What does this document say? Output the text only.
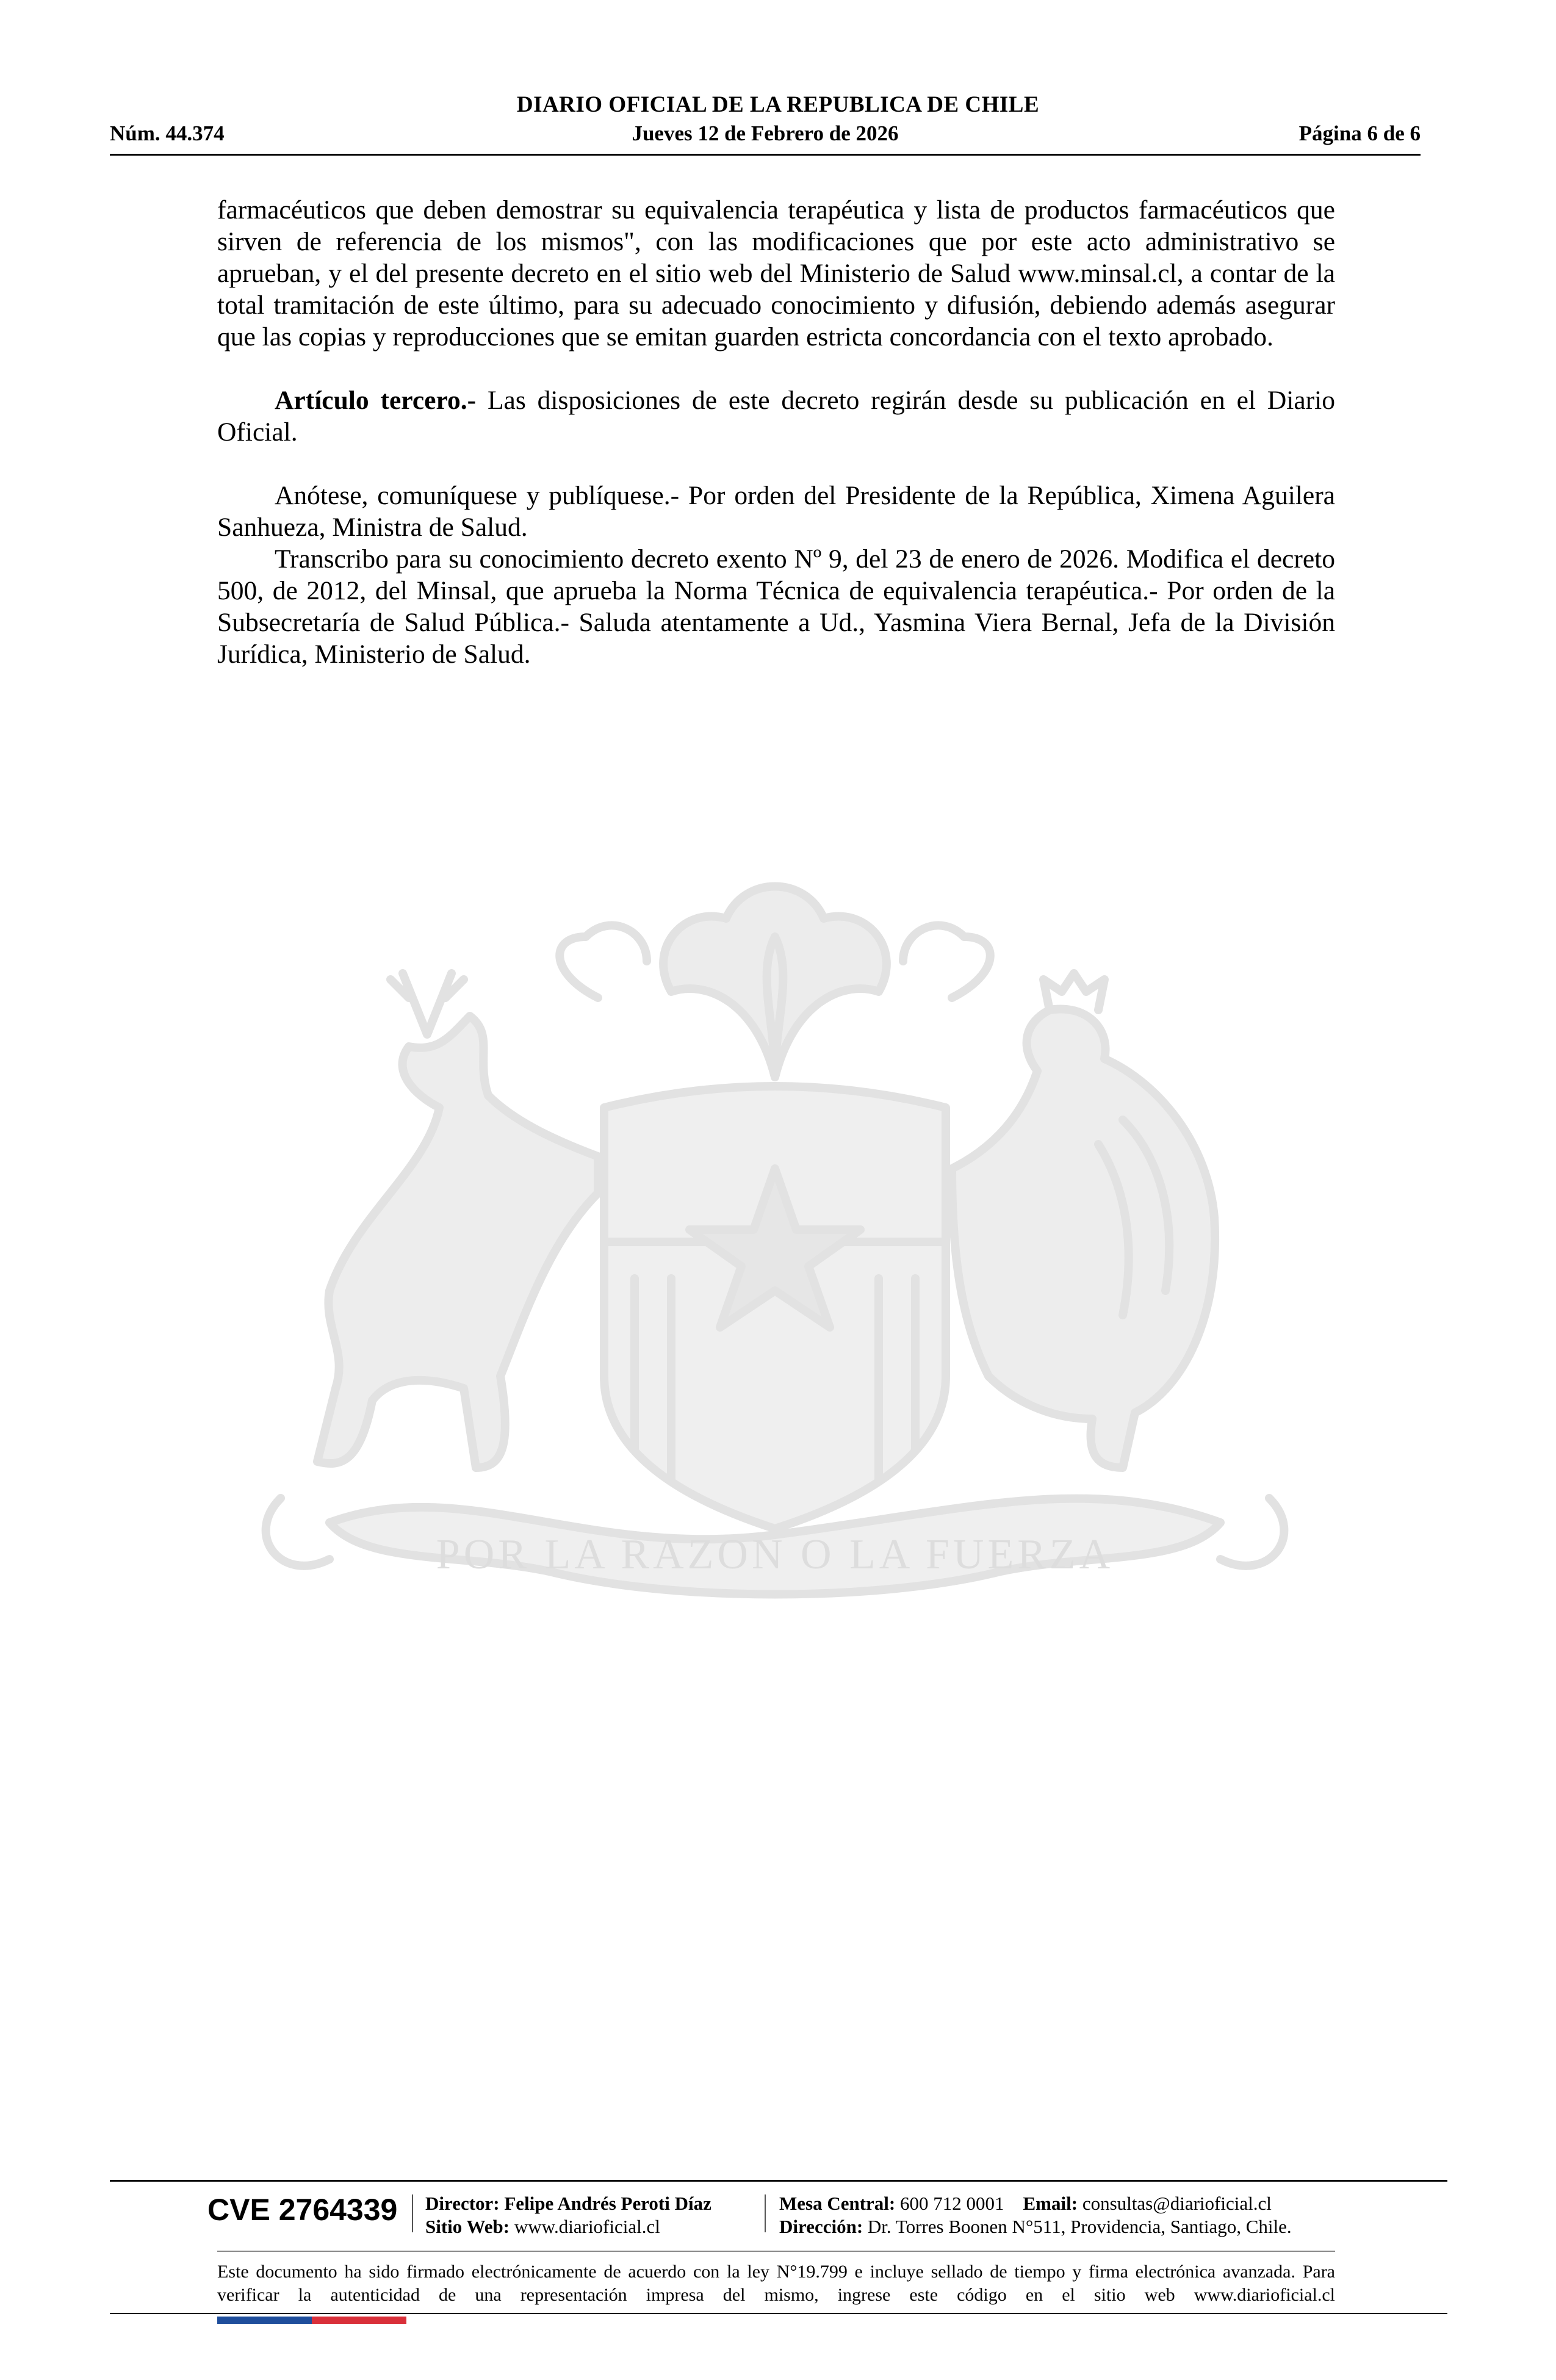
DIARIO OFICIAL DE LA REPUBLICA DE CHILE
Núm. 44.374	Jueves 12 de Febrero de 2026	Página 6 de 6
POR LA RAZON O LA FUERZA

farmacéuticos que deben demostrar su equivalencia terapéutica y lista de productos farmacéuticos que sirven de referencia de los mismos", con las modificaciones que por este acto administrativo se aprueban, y el del presente decreto en el sitio web del Ministerio de Salud www.minsal.cl, a contar de la total tramitación de este último, para su adecuado conocimiento y difusión, debiendo además asegurar que las copias y reproducciones que se emitan guarden estricta concordancia con el texto aprobado.

Artículo tercero.- Las disposiciones de este decreto regirán desde su publicación en el Diario Oficial.

Anótese, comuníquese y publíquese.- Por orden del Presidente de la República, Ximena Aguilera Sanhueza, Ministra de Salud.

Transcribo para su conocimiento decreto exento Nº 9, del 23 de enero de 2026. Modifica el decreto 500, de 2012, del Minsal, que aprueba la Norma Técnica de equivalencia terapéutica.- Por orden de la Subsecretaría de Salud Pública.- Saluda atentamente a Ud., Yasmina Viera Bernal, Jefa de la División Jurídica, Ministerio de Salud.

CVE 2764339 Director: Felipe Andrés Peroti Díaz
Sitio Web: www.diarioficial.cl
Mesa Central: 600 712 0001 Email: consultas@diarioficial.cl
Dirección: Dr. Torres Boonen N°511, Providencia, Santiago, Chile.
Este documento ha sido firmado electrónicamente de acuerdo con la ley N°19.799 e incluye sellado de tiempo y firma electrónica avanzada. Para verificar la autenticidad de una representación impresa del mismo, ingrese este código en el sitio web www.diarioficial.cl
